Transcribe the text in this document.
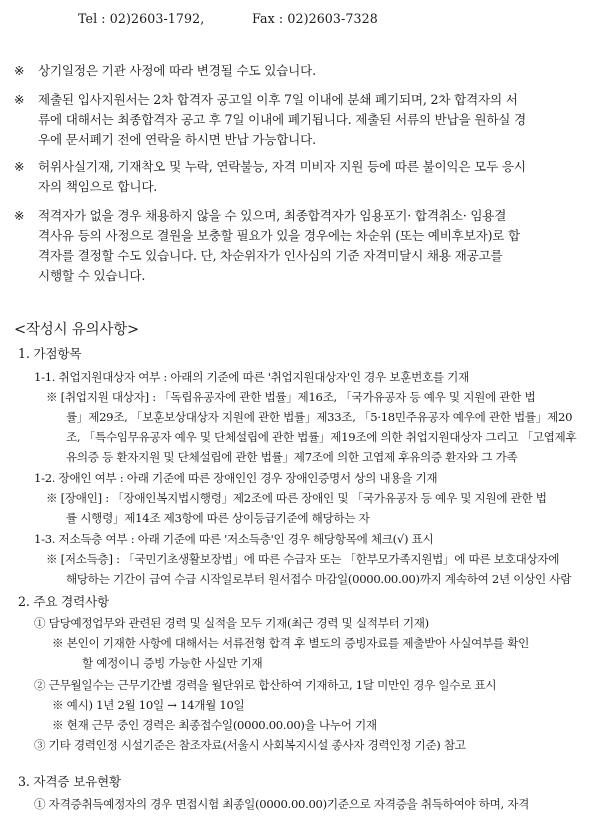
Tel : 02)2603-1792,	Fax : 02)2603-7328
※ 상기일정은 기관 사정에 따라 변경될 수도 있습니다.
※ 제출된 입사지원서는 2차 합격자 공고일 이후 7일 이내에 분쇄 폐기되며, 2차 합격자의 서
류에 대해서는 최종합격자 공고 후 7일 이내에 폐기됩니다. 제출된 서류의 반납을 원하실 경
우에 문서폐기 전에 연락을 하시면 반납 가능합니다.
※ 허위사실기재, 기재착오 및 누락, 연락불능, 자격 미비자 지원 등에 따른 불이익은 모두 응시
자의 책임으로 합니다.
※ 적격자가 없을 경우 채용하지 않을 수 있으며, 최종합격자가 임용포기· 합격취소· 임용결
격사유 등의 사정으로 결원을 보충할 필요가 있을 경우에는 차순위 (또는 예비후보자)로 합
격자를 결정할 수도 있습니다. 단, 차순위자가 인사심의 기준 자격미달시 채용 재공고를
시행할 수 있습니다.
<작성시 유의사항>
1. 가점항목
1-1. 취업지원대상자 여부 : 아래의 기준에 따른 '취업지원대상자'인 경우 보훈번호를 기재
※ [취업지원 대상자] : 「독립유공자에 관한 법률」제16조, 「국가유공자 등 예우 및 지원에 관한 법
률」제29조, 「보훈보상대상자 지원에 관한 법률」제33조, 「5·18민주유공자 예우에 관한 법률」제20
조, 「특수임무유공자 예우 및 단체설립에 관한 법률」제19조에 의한 취업지원대상자 그리고 「고엽제후
유의증 등 환자지원 및 단체설립에 관한 법률」제7조에 의한 고엽제 후유의증 환자와 그 가족
1-2. 장애인 여부 : 아래 기준에 따른 장애인인 경우 장애인증명서 상의 내용을 기재
※ [장애인] : 「장애인복지법시행령」제2조에 따른 장애인 및 「국가유공자 등 예우 및 지원에 관한 법
률 시행령」제14조 제3항에 따른 상이등급기준에 해당하는 자
1-3. 저소득층 여부 : 아래 기준에 따른 '저소득층'인 경우 해당항목에 체크(√) 표시
※ [저소득층] : 「국민기초생활보장법」에 따른 수급자 또는 「한부모가족지원법」에 따른 보호대상자에
해당하는 기간이 급여 수급 시작일로부터 원서접수 마감일(0000.00.00)까지 계속하여 2년 이상인 사람
2. 주요 경력사항
① 담당예정업무와 관련된 경력 및 실적을 모두 기재(최근 경력 및 실적부터 기재)
※ 본인이 기재한 사항에 대해서는 서류전형 합격 후 별도의 증빙자료를 제출받아 사실여부를 확인
할 예정이니 증빙 가능한 사실만 기재
② 근무월일수는 근무기간별 경력을 월단위로 합산하여 기재하고, 1달 미만인 경우 일수로 표시
※ 예시) 1년 2월 10일 → 14개월 10일
※ 현재 근무 중인 경력은 최종접수일(0000.00.00)을 나누어 기재
③ 기타 경력인정 시설기준은 참조자료(서울시 사회복지시설 종사자 경력인정 기준) 참고
3. 자격증 보유현황
① 자격증취득예정자의 경우 면접시험 최종일(0000.00.00)기준으로 자격증을 취득하여야 하며, 자격
